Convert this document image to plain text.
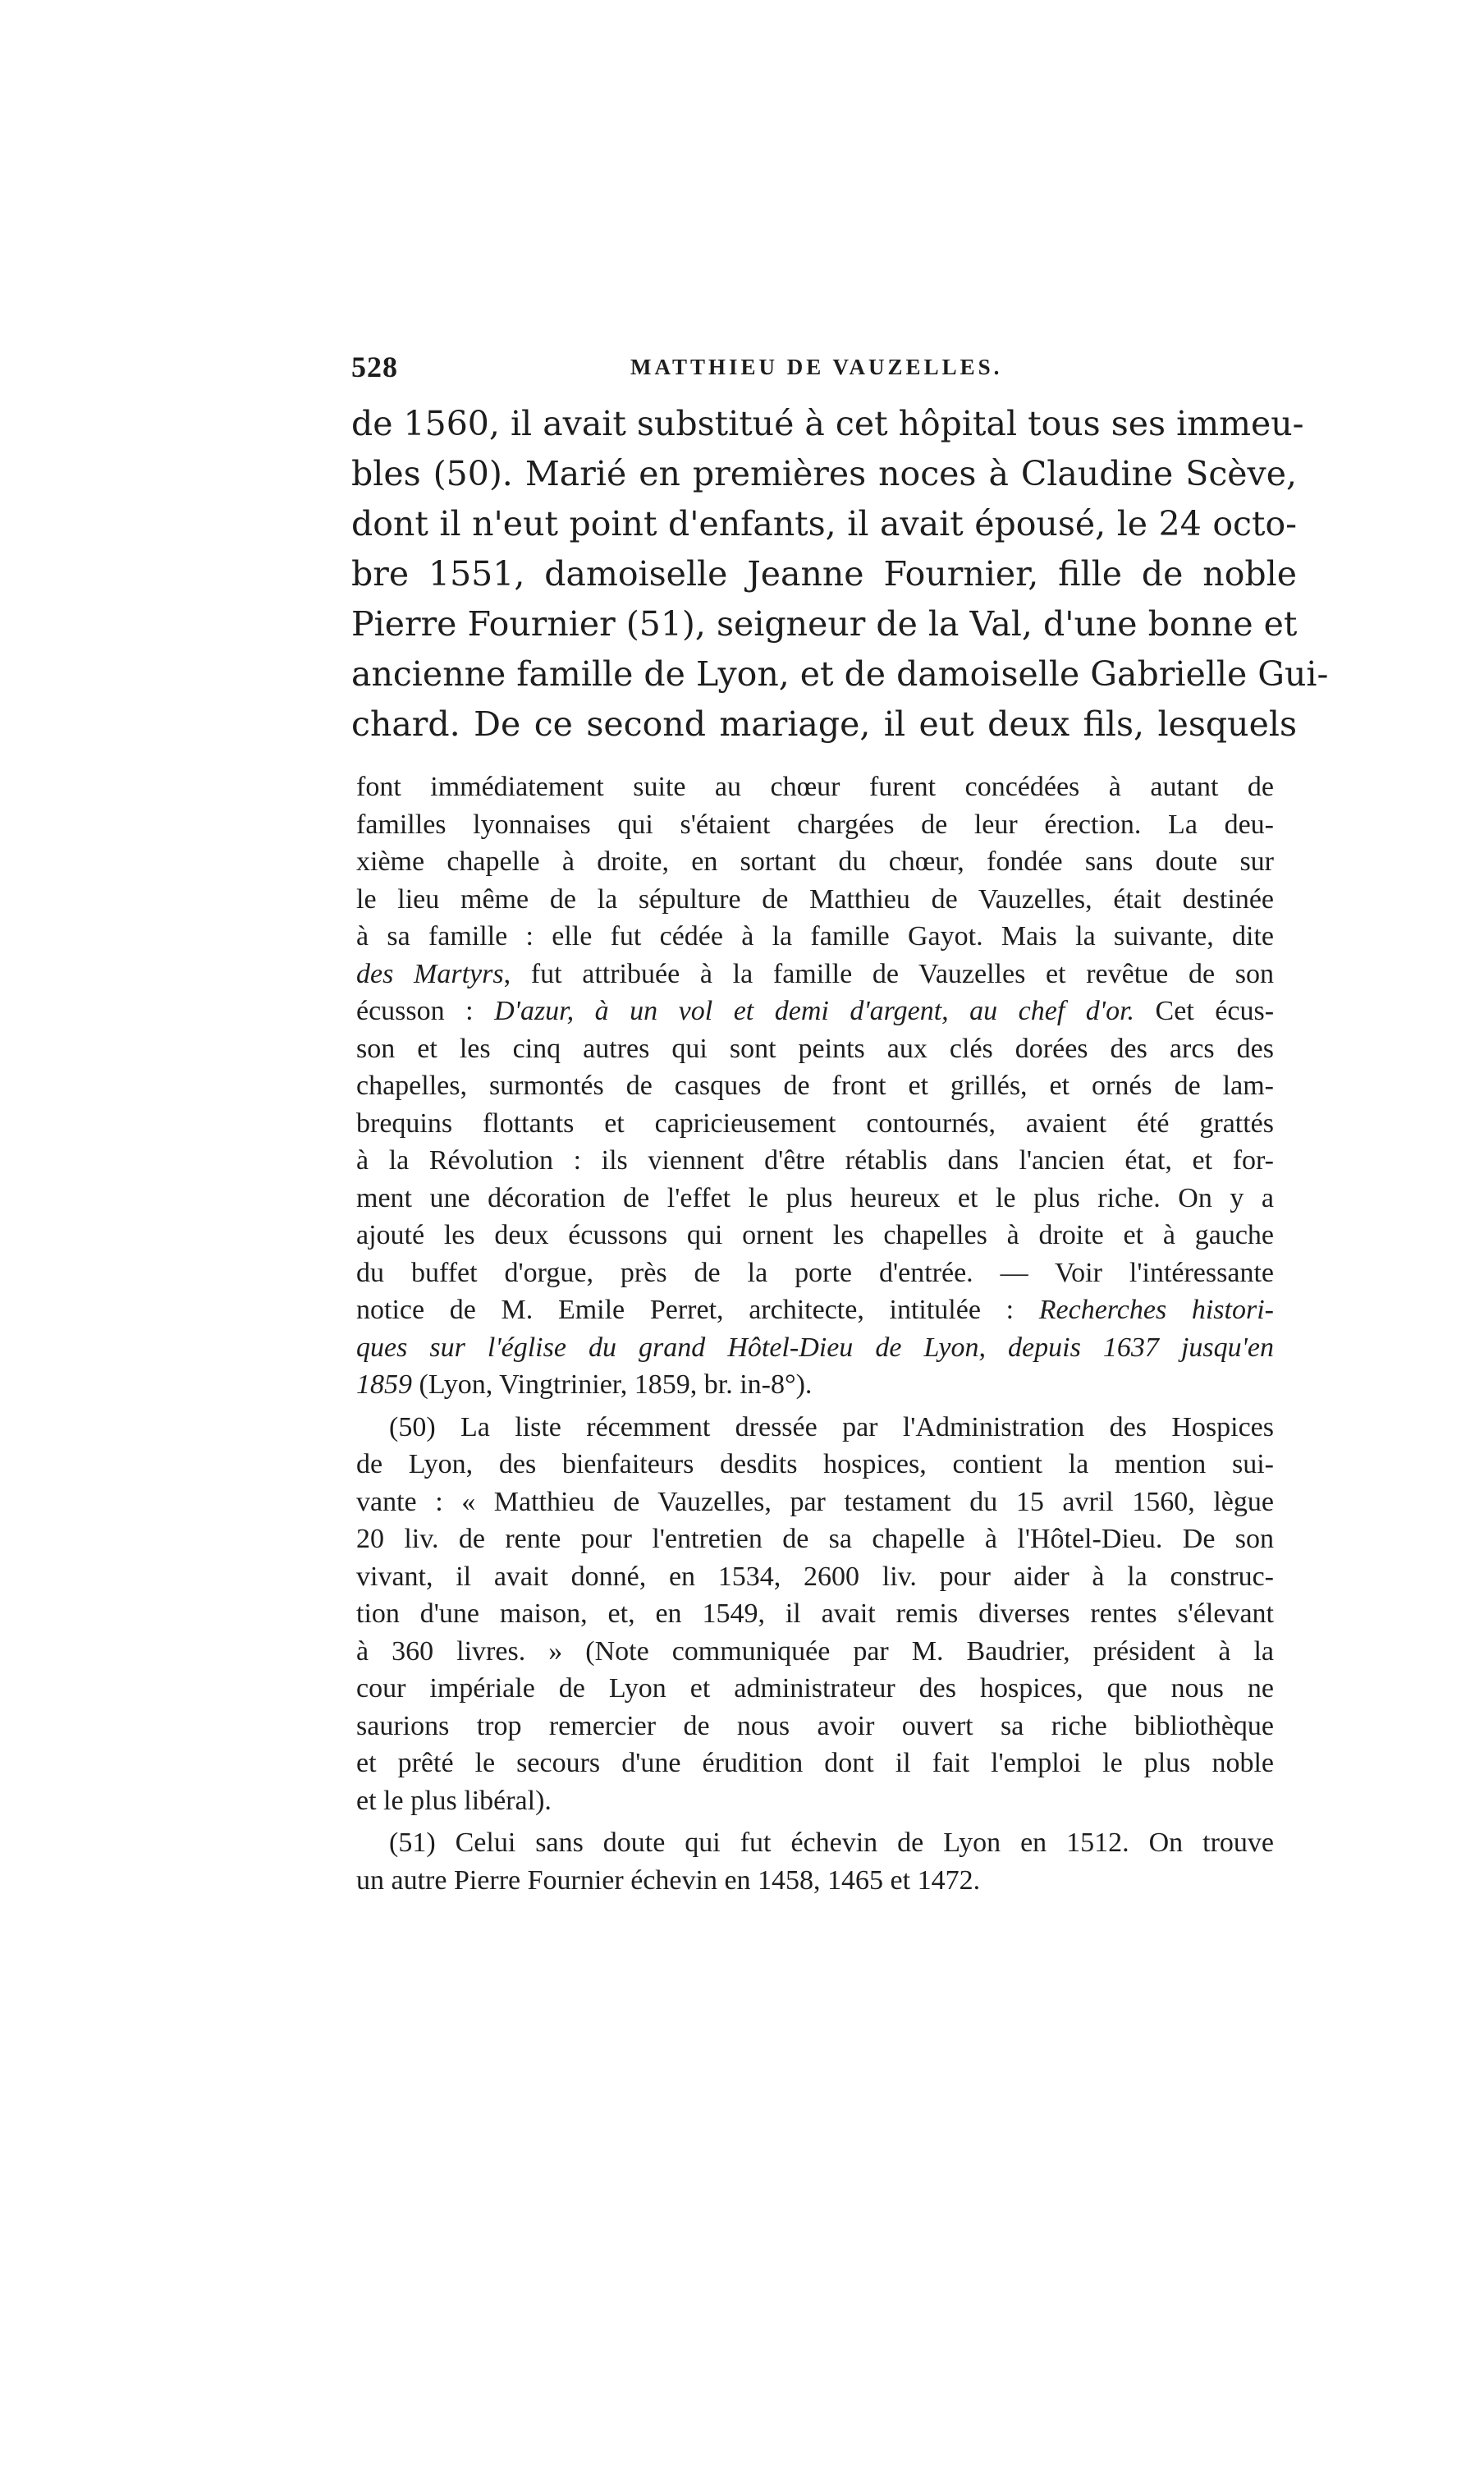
528	MATTHIEU DE VAUZELLES.
de 1560, il avait substitué à cet hôpital tous ses immeu-
bles (50). Marié en premières noces à Claudine Scève,
dont il n'eut point d'enfants, il avait épousé, le 24 octo-
bre 1551, damoiselle Jeanne Fournier, fille de noble
Pierre Fournier (51), seigneur de la Val, d'une bonne et
ancienne famille de Lyon, et de damoiselle Gabrielle Gui-
chard. De ce second mariage, il eut deux fils, lesquels
font immédiatement suite au chœur furent concédées à autant de
familles lyonnaises qui s'étaient chargées de leur érection. La deu-
xième chapelle à droite, en sortant du chœur, fondée sans doute sur
le lieu même de la sépulture de Matthieu de Vauzelles, était destinée
à sa famille : elle fut cédée à la famille Gayot. Mais la suivante, dite
des Martyrs, fut attribuée à la famille de Vauzelles et revêtue de son
écusson : D'azur, à un vol et demi d'argent, au chef d'or. Cet écus-
son et les cinq autres qui sont peints aux clés dorées des arcs des
chapelles, surmontés de casques de front et grillés, et ornés de lam-
brequins flottants et capricieusement contournés, avaient été grattés
à la Révolution : ils viennent d'être rétablis dans l'ancien état, et for-
ment une décoration de l'effet le plus heureux et le plus riche. On y a
ajouté les deux écussons qui ornent les chapelles à droite et à gauche
du buffet d'orgue, près de la porte d'entrée. — Voir l'intéressante
notice de M. Emile Perret, architecte, intitulée : Recherches histori-
ques sur l'église du grand Hôtel-Dieu de Lyon, depuis 1637 jusqu'en
1859 (Lyon, Vingtrinier, 1859, br. in-8°).
(50) La liste récemment dressée par l'Administration des Hospices
de Lyon, des bienfaiteurs desdits hospices, contient la mention sui-
vante : « Matthieu de Vauzelles, par testament du 15 avril 1560, lègue
20 liv. de rente pour l'entretien de sa chapelle à l'Hôtel-Dieu. De son
vivant, il avait donné, en 1534, 2600 liv. pour aider à la construc-
tion d'une maison, et, en 1549, il avait remis diverses rentes s'élevant
à 360 livres. » (Note communiquée par M. Baudrier, président à la
cour impériale de Lyon et administrateur des hospices, que nous ne
saurions trop remercier de nous avoir ouvert sa riche bibliothèque
et prêté le secours d'une érudition dont il fait l'emploi le plus noble
et le plus libéral).
(51) Celui sans doute qui fut échevin de Lyon en 1512. On trouve
un autre Pierre Fournier échevin en 1458, 1465 et 1472.
